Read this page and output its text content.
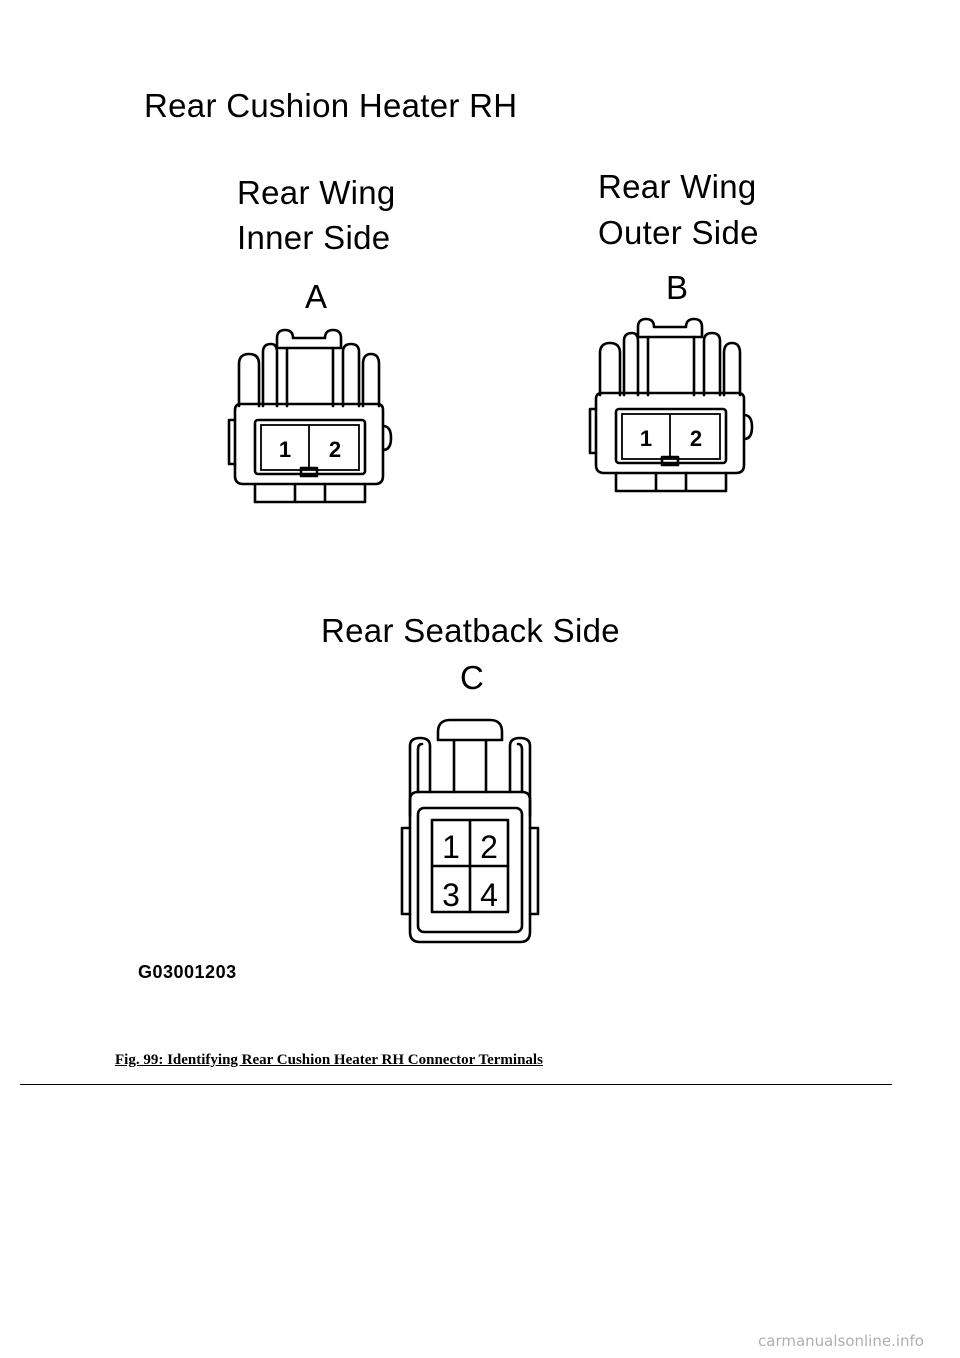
Rear Cushion Heater RH
Rear Wing
Inner Side
A
Rear Wing
Outer Side
B
1 2	1 2
Rear Seatback Side
C
1 2
3 4
G03001203
Fig. 99: Identifying Rear Cushion Heater RH Connector Terminals
carmanualsonline.info
